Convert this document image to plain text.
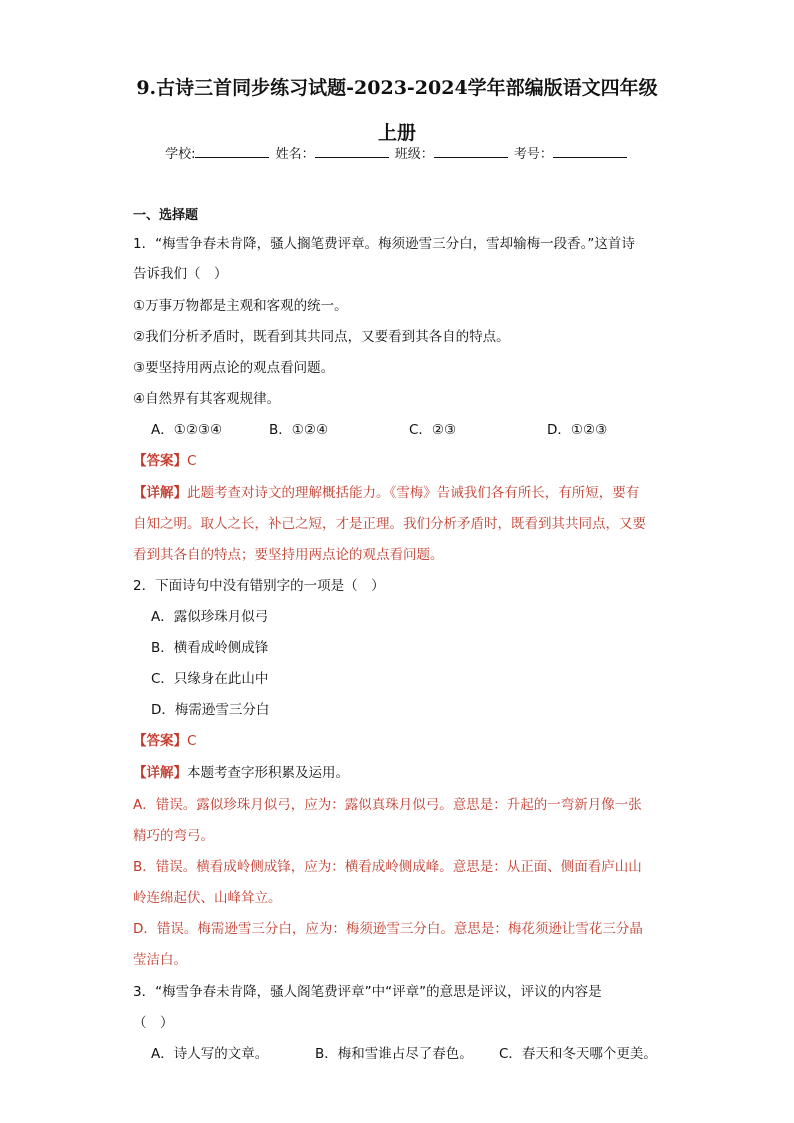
9.古诗三首同步练习试题-2023-2024学年部编版语文四年级
上册
学校:	姓名：	班级：	考号：
一、选择题
1．“梅雪争春未肯降，骚人搁笔费评章。梅须逊雪三分白，雪却输梅一段香。”这首诗
告诉我们（　）
①万事万物都是主观和客观的统一。
②我们分析矛盾时，既看到其共同点，又要看到其各自的特点。
③要坚持用两点论的观点看问题。
④自然界有其客观规律。
A．①②③④	B．①②④	C．②③	D．①②③
【答案】C
【详解】此题考查对诗文的理解概括能力。《雪梅》告诫我们各有所长，有所短，要有
自知之明。取人之长，补己之短，才是正理。我们分析矛盾时，既看到其共同点，又要
看到其各自的特点；要坚持用两点论的观点看问题。
2．下面诗句中没有错别字的一项是（　）
A．露似珍珠月似弓
B．横看成岭侧成锋
C．只缘身在此山中
D．梅需逊雪三分白
【答案】C
【详解】本题考查字形积累及运用。
A．错误。露似珍珠月似弓，应为：露似真珠月似弓。意思是：升起的一弯新月像一张
精巧的弯弓。
B．错误。横看成岭侧成锋，应为：横看成岭侧成峰。意思是：从正面、侧面看庐山山
岭连绵起伏、山峰耸立。
D．错误。梅需逊雪三分白，应为：梅须逊雪三分白。意思是：梅花须逊让雪花三分晶
莹洁白。
3．“梅雪争春未肯降，骚人阁笔费评章”中“评章”的意思是评议，评议的内容是
（　）
A．诗人写的文章。	B．梅和雪谁占尽了春色。 C．春天和冬天哪个更美。
